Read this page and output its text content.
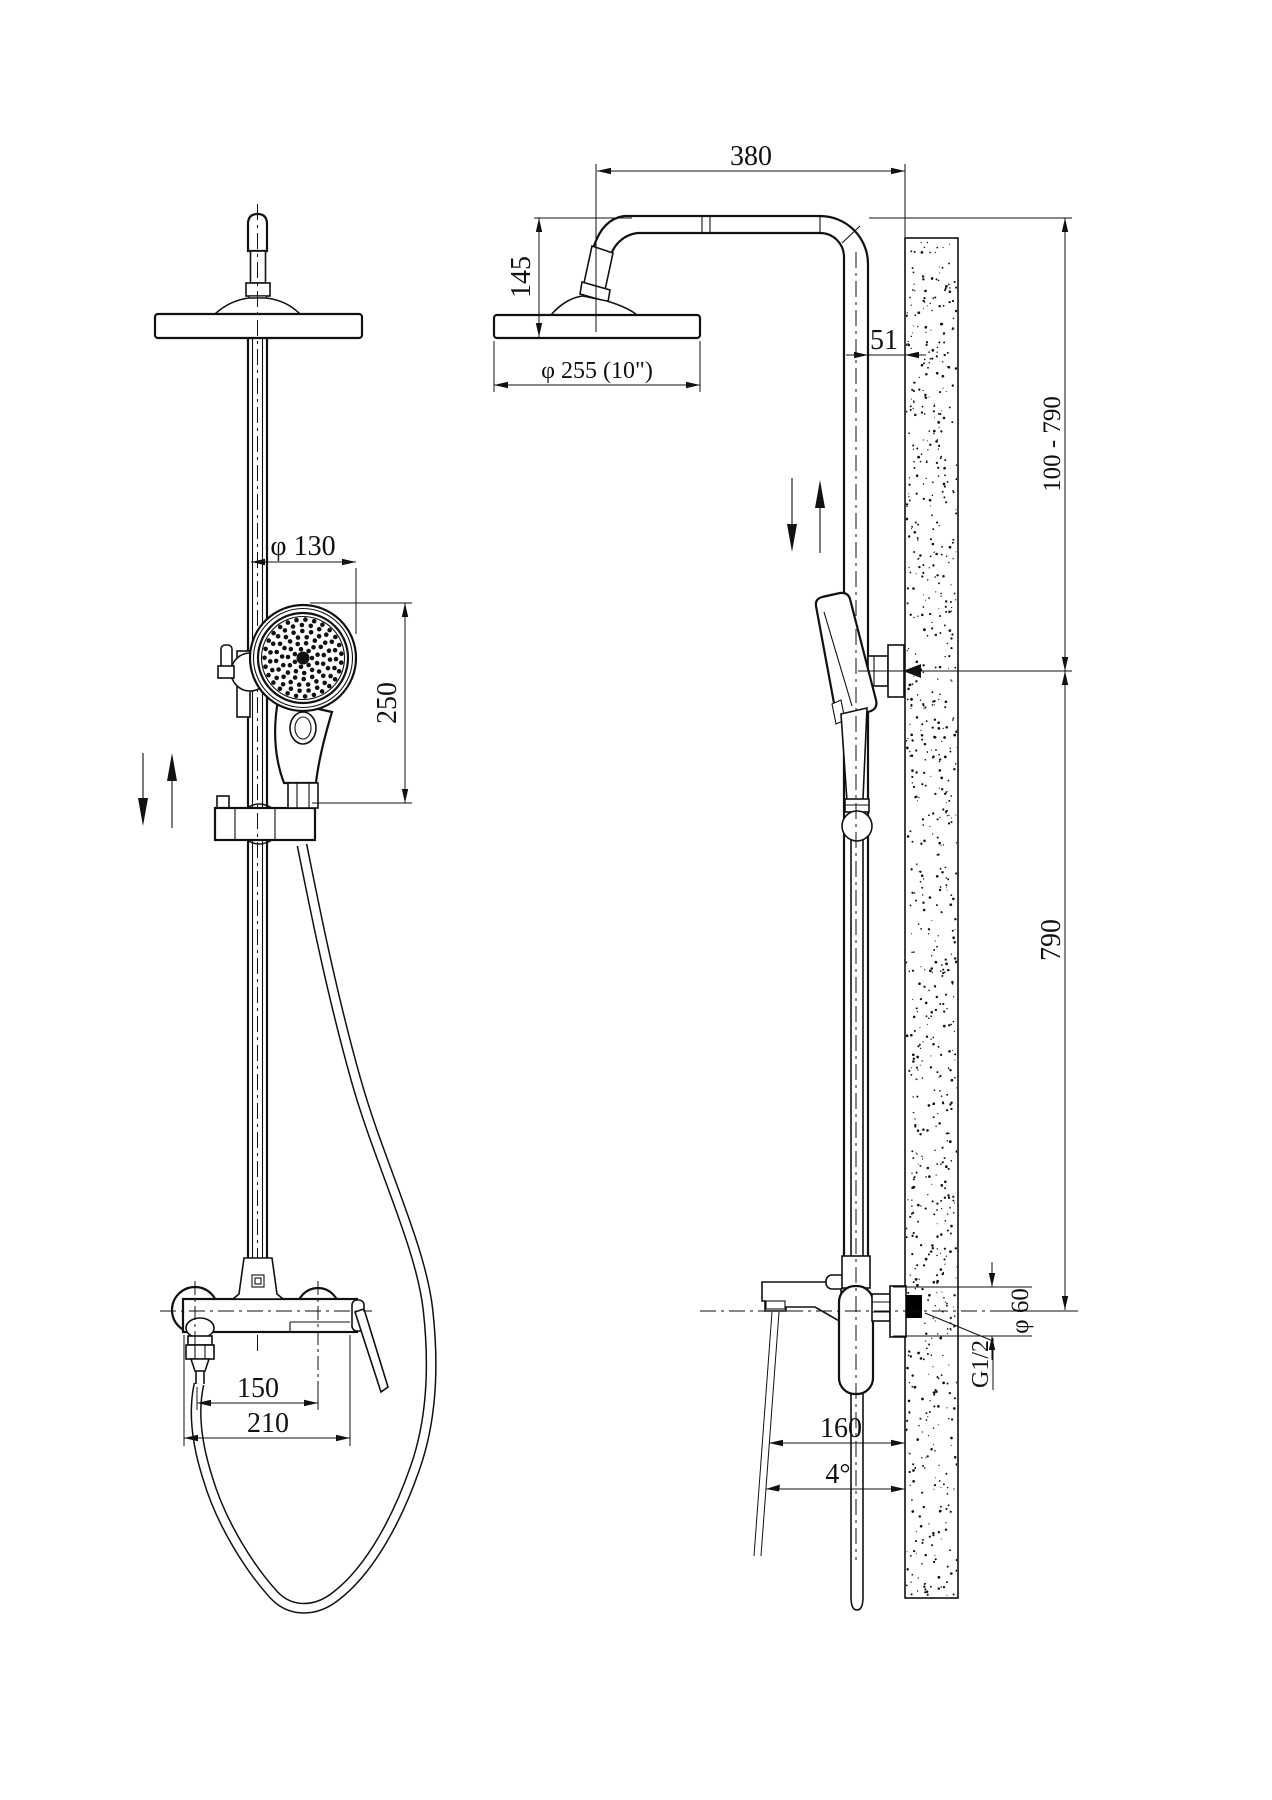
380
145
φ 255 (10")
51
100 - 790
φ 130
250
790
φ 60
G1/2
150
210	160
4°
